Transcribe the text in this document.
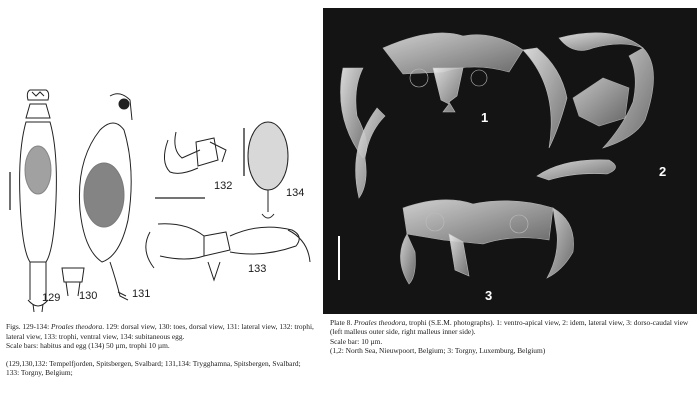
129 130	131
132
133
134
1
2
3

Figs. 129-134: Proales theodora. 129: dorsal view, 130: toes, dorsal view, 131: lateral view, 132: trophi, lateral view, 133: trophi, ventral view, 134: subitaneous egg.

Scale bars: habitus and egg (134) 50 µm, trophi 10 µm.

(129,130,132: Tempelfjorden, Spitsbergen, Svalbard; 131,134: Trygghamna, Spitsbergen, Svalbard;

133: Torgny, Belgium;

Plate 8. Proales theodora, trophi (S.E.M. photographs). 1: ventro-apical view, 2: idem, lateral view, 3: dorso-caudal view (left malleus outer side, right malleus inner side).

Scale bar: 10 µm.

(1,2: North Sea, Nieuwpoort, Belgium; 3: Torgny, Luxemburg, Belgium)
